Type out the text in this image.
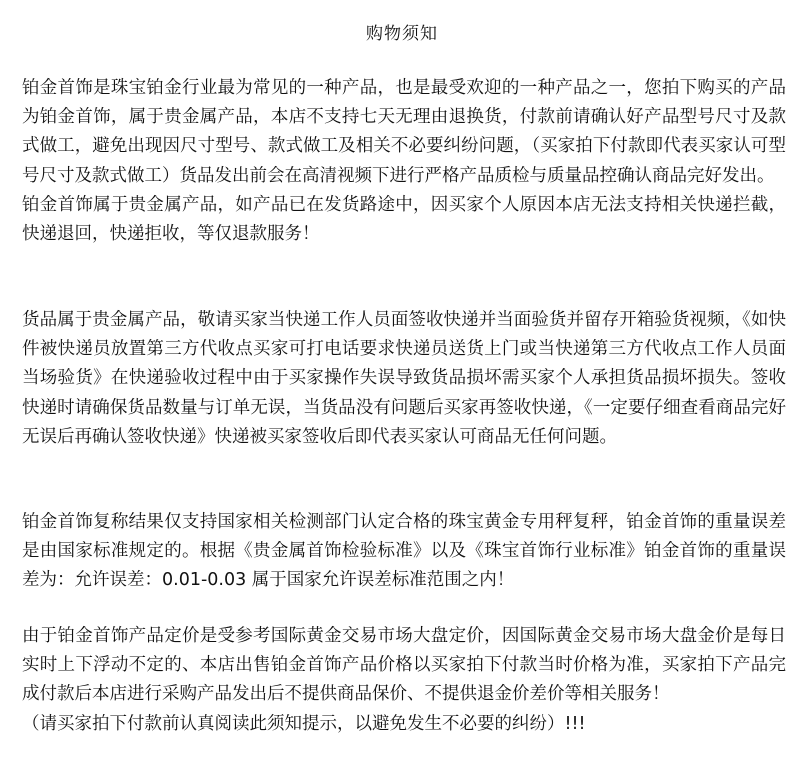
购物须知

铂金首饰是珠宝铂金行业最为常见的一种产品，也是最受欢迎的一种产品之一，您拍下购买的产品为铂金首饰，属于贵金属产品，本店不支持七天无理由退换货，付款前请确认好产品型号尺寸及款式做工，避免出现因尺寸型号、款式做工及相关不必要纠纷问题，（买家拍下付款即代表买家认可型号尺寸及款式做工）货品发出前会在高清视频下进行严格产品质检与质量品控确认商品完好发出。

铂金首饰属于贵金属产品，如产品已在发货路途中，因买家个人原因本店无法支持相关快递拦截，快递退回，快递拒收，等仅退款服务！

货品属于贵金属产品，敬请买家当快递工作人员面签收快递并当面验货并留存开箱验货视频，《如快件被快递员放置第三方代收点买家可打电话要求快递员送货上门或当快递第三方代收点工作人员面当场验货》在快递验收过程中由于买家操作失误导致货品损坏需买家个人承担货品损坏损失。签收快递时请确保货品数量与订单无误，当货品没有问题后买家再签收快递，《一定要仔细查看商品完好无误后再确认签收快递》快递被买家签收后即代表买家认可商品无任何问题。

铂金首饰复称结果仅支持国家相关检测部门认定合格的珠宝黄金专用秤复秤，铂金首饰的重量误差是由国家标准规定的。根据《贵金属首饰检验标准》以及《珠宝首饰行业标准》铂金首饰的重量误差为：允许误差：0.01-0.03 属于国家允许误差标准范围之内！

由于铂金首饰产品定价是受参考国际黄金交易市场大盘定价，因国际黄金交易市场大盘金价是每日实时上下浮动不定的、本店出售铂金首饰产品价格以买家拍下付款当时价格为准，买家拍下产品完成付款后本店进行采购产品发出后不提供商品保价、不提供退金价差价等相关服务！

（请买家拍下付款前认真阅读此须知提示，以避免发生不必要的纠纷）!!!
